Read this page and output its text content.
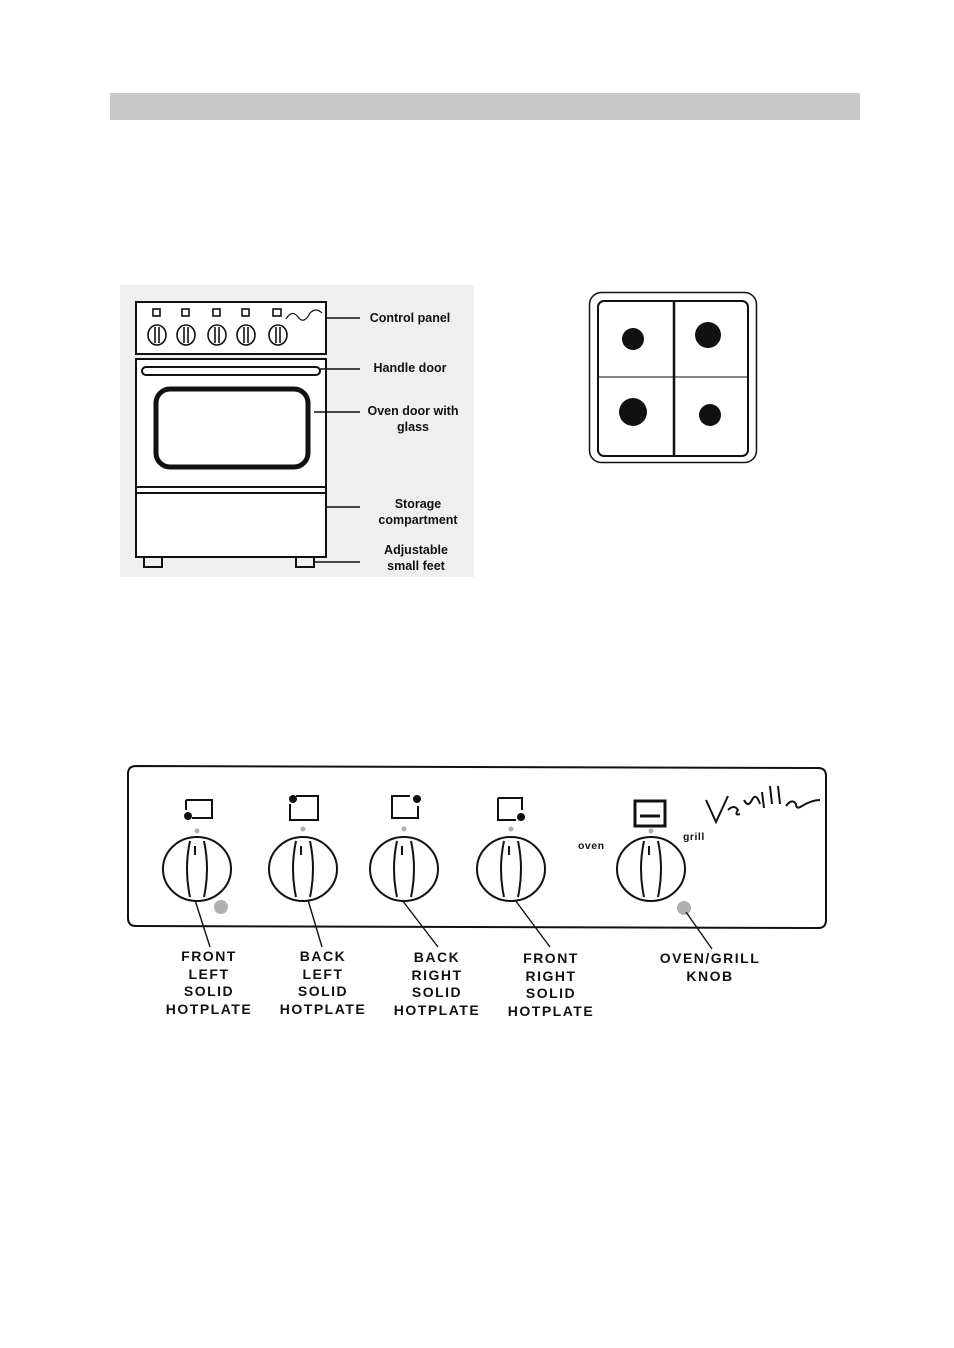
Control panel
Handle door
Oven door with glass
Storage compartment
Adjustable small feet
oven
grill
FRONT
LEFT
SOLID
HOTPLATE
BACK
LEFT
SOLID
HOTPLATE
BACK
RIGHT
SOLID
HOTPLATE
FRONT
RIGHT
SOLID
HOTPLATE
OVEN/GRILL
KNOB
